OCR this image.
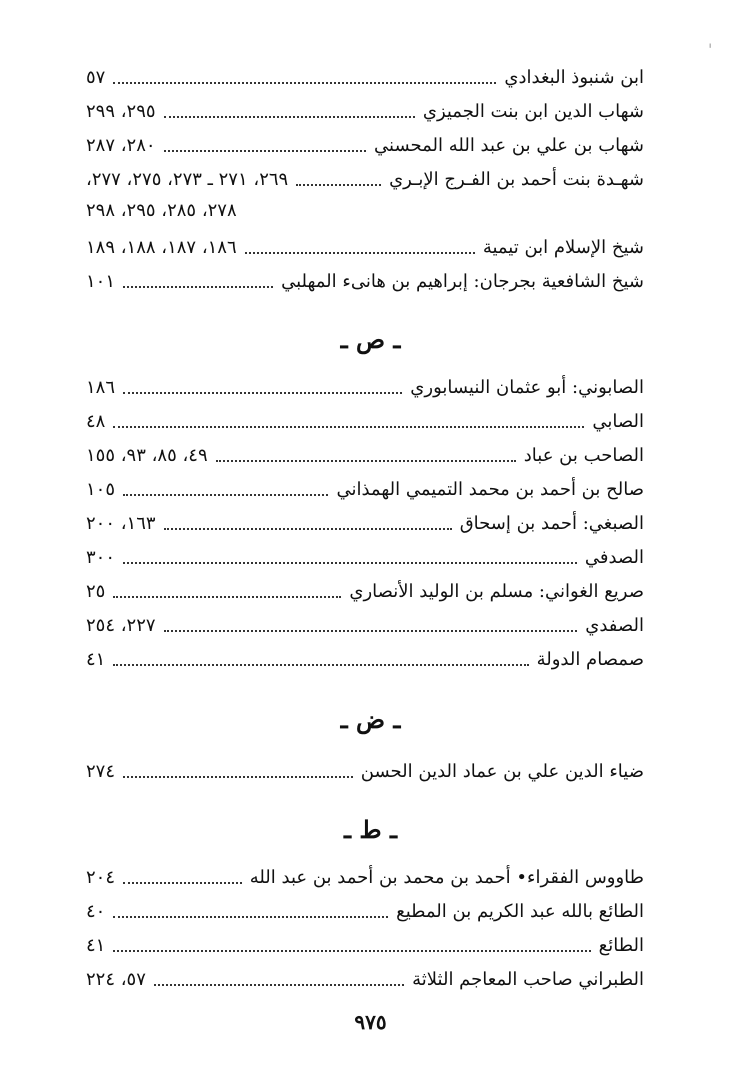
ابن شنبوذ البغدادي
٥٧
شهاب الدين ابن بنت الجميزي
٢٩٥، ٢٩٩
شهاب بن علي بن عبد الله المحسني
٢٨٠، ٢٨٧
شهـدة بنت أحمد بن الفـرج الإبـري
٢٦٩، ٢٧١ ـ ٢٧٣، ٢٧٥، ٢٧٧،
٢٧٨، ٢٨٥، ٢٩٥، ٢٩٨
شيخ الإسلام ابن تيمية
١٨٦، ١٨٧، ١٨٨، ١٨٩
شيخ الشافعية بجرجان: إبراهيم بن هانىء المهلبي
١٠١
ـ ص ـ
الصابوني: أبو عثمان النيسابوري
١٨٦
الصابي
٤٨
الصاحب بن عباد
٤٩، ٨٥، ٩٣، ١٥٥
صالح بن أحمد بن محمد التميمي الهمذاني
١٠٥
الصبغي: أحمد بن إسحاق
١٦٣، ٢٠٠
الصدفي
٣٠٠
صريع الغواني: مسلم بن الوليد الأنصاري
٢٥
الصفدي
٢٢٧، ٢٥٤
صمصام الدولة
٤١
ـ ض ـ
ضياء الدين علي بن عماد الدين الحسن
٢٧٤
ـ ط ـ
طاووس الفقراء• أحمد بن محمد بن أحمد بن عبد الله
٢٠٤
الطائع بالله عبد الكريم بن المطيع
٤٠
الطائع
٤١
الطبراني صاحب المعاجم الثلاثة
٥٧، ٢٢٤
٩٧٥
'
